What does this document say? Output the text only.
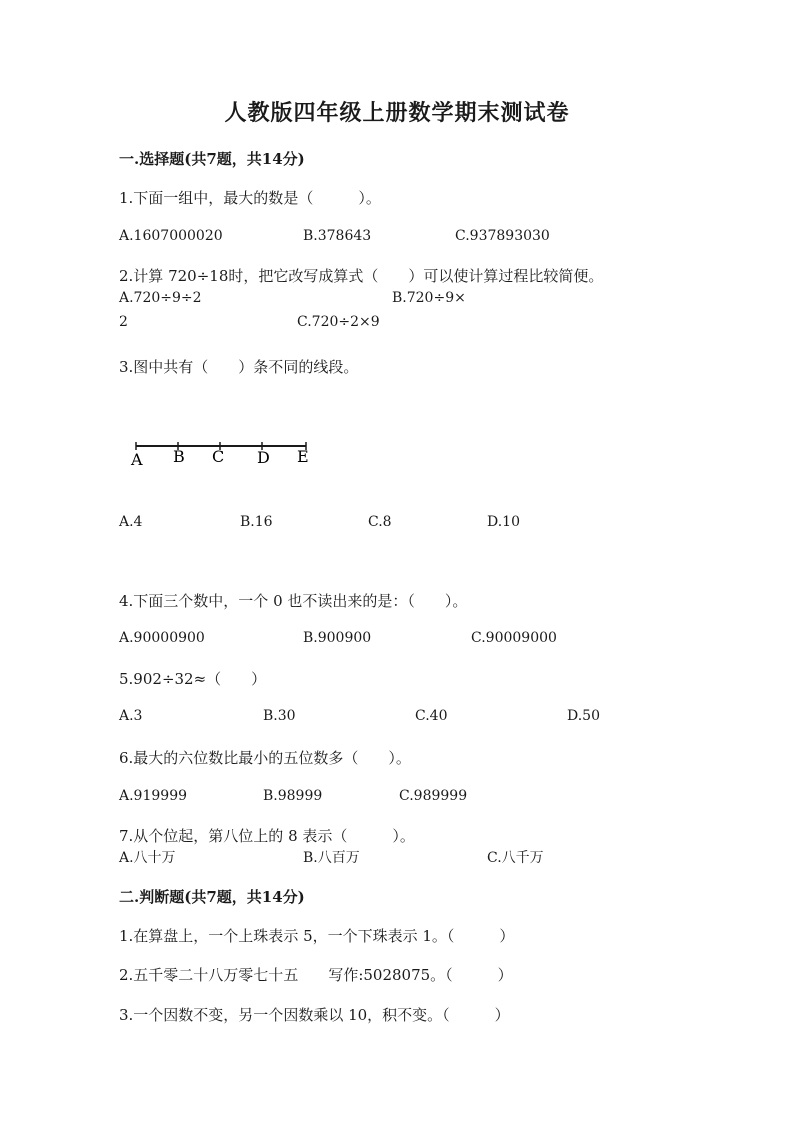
人教版四年级上册数学期末测试卷
一.选择题(共7题，共14分)
1.下面一组中，最大的数是（　　　）。
A.1607000020	B.378643	C.937893030
2.计算 720÷18时，把它改写成算式（　　）可以使计算过程比较简便。
A.720÷9÷2	B.720÷9×
2	C.720÷2×9
3.图中共有（　　）条不同的线段。
A B C D E
A.4	B.16	C.8	D.10
4.下面三个数中，一个 0 也不读出来的是：（　　）。
A.90000900	B.900900	C.90009000
5.902÷32≈（　　）
A.3	B.30	C.40	D.50
6.最大的六位数比最小的五位数多（　　）。
A.919999	B.98999	C.989999
7.从个位起，第八位上的 8 表示（　　　）。
A.八十万	B.八百万	C.八千万
二.判断题(共7题，共14分)
1.在算盘上，一个上珠表示 5，一个下珠表示 1。（　　　）
2.五千零二十八万零七十五　　写作:5028075。（　　　）
3.一个因数不变，另一个因数乘以 10，积不变。（　　　）
